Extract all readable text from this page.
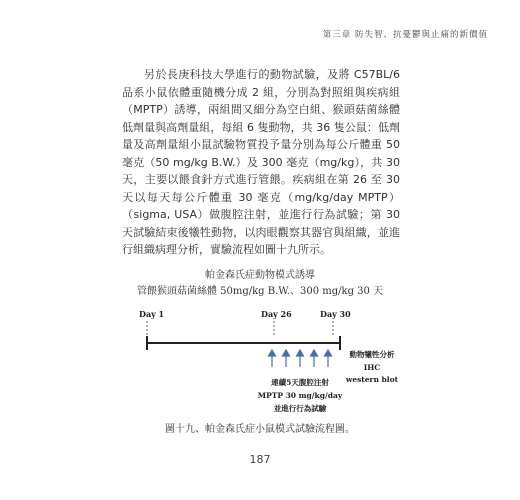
第三章 防失智、抗憂鬱與止痛的新價值

另於長庚科技大學進行的動物試驗，及將 C57BL/6 品系小鼠依體重隨機分成 2 組，分別為對照組與疾病組（MPTP）誘導，兩組間又細分為空白組、猴頭菇菌絲體低劑量與高劑量組，每組 6 隻動物，共 36 隻公鼠：低劑量及高劑量組小鼠試驗物質投予量分別為每公斤體重 50 毫克（50 mg/kg B.W.）及 300 毫克（mg/kg），共 30 天，主要以餵食針方式進行管餵。疾病組在第 26 至 30 天以每天每公斤體重 30 毫克（mg/kg/day MPTP）（sigma, USA）做腹腔注射，並進行行為試驗；第 30 天試驗結束後犧牲動物，以肉眼觀察其器官與組織，並進行組織病理分析，實驗流程如圖十九所示。

帕金森氏症動物模式誘導
管餵猴頭菇菌絲體 50mg/kg B.W.、300 mg/kg 30 天
Day 1	Day 26	Day 30
動物犧牲分析
IHC
western blot
連續5天腹腔注射
MPTP 30 mg/kg/day
並進行行為試驗
圖十九、帕金森氏症小鼠模式試驗流程圖。
187
